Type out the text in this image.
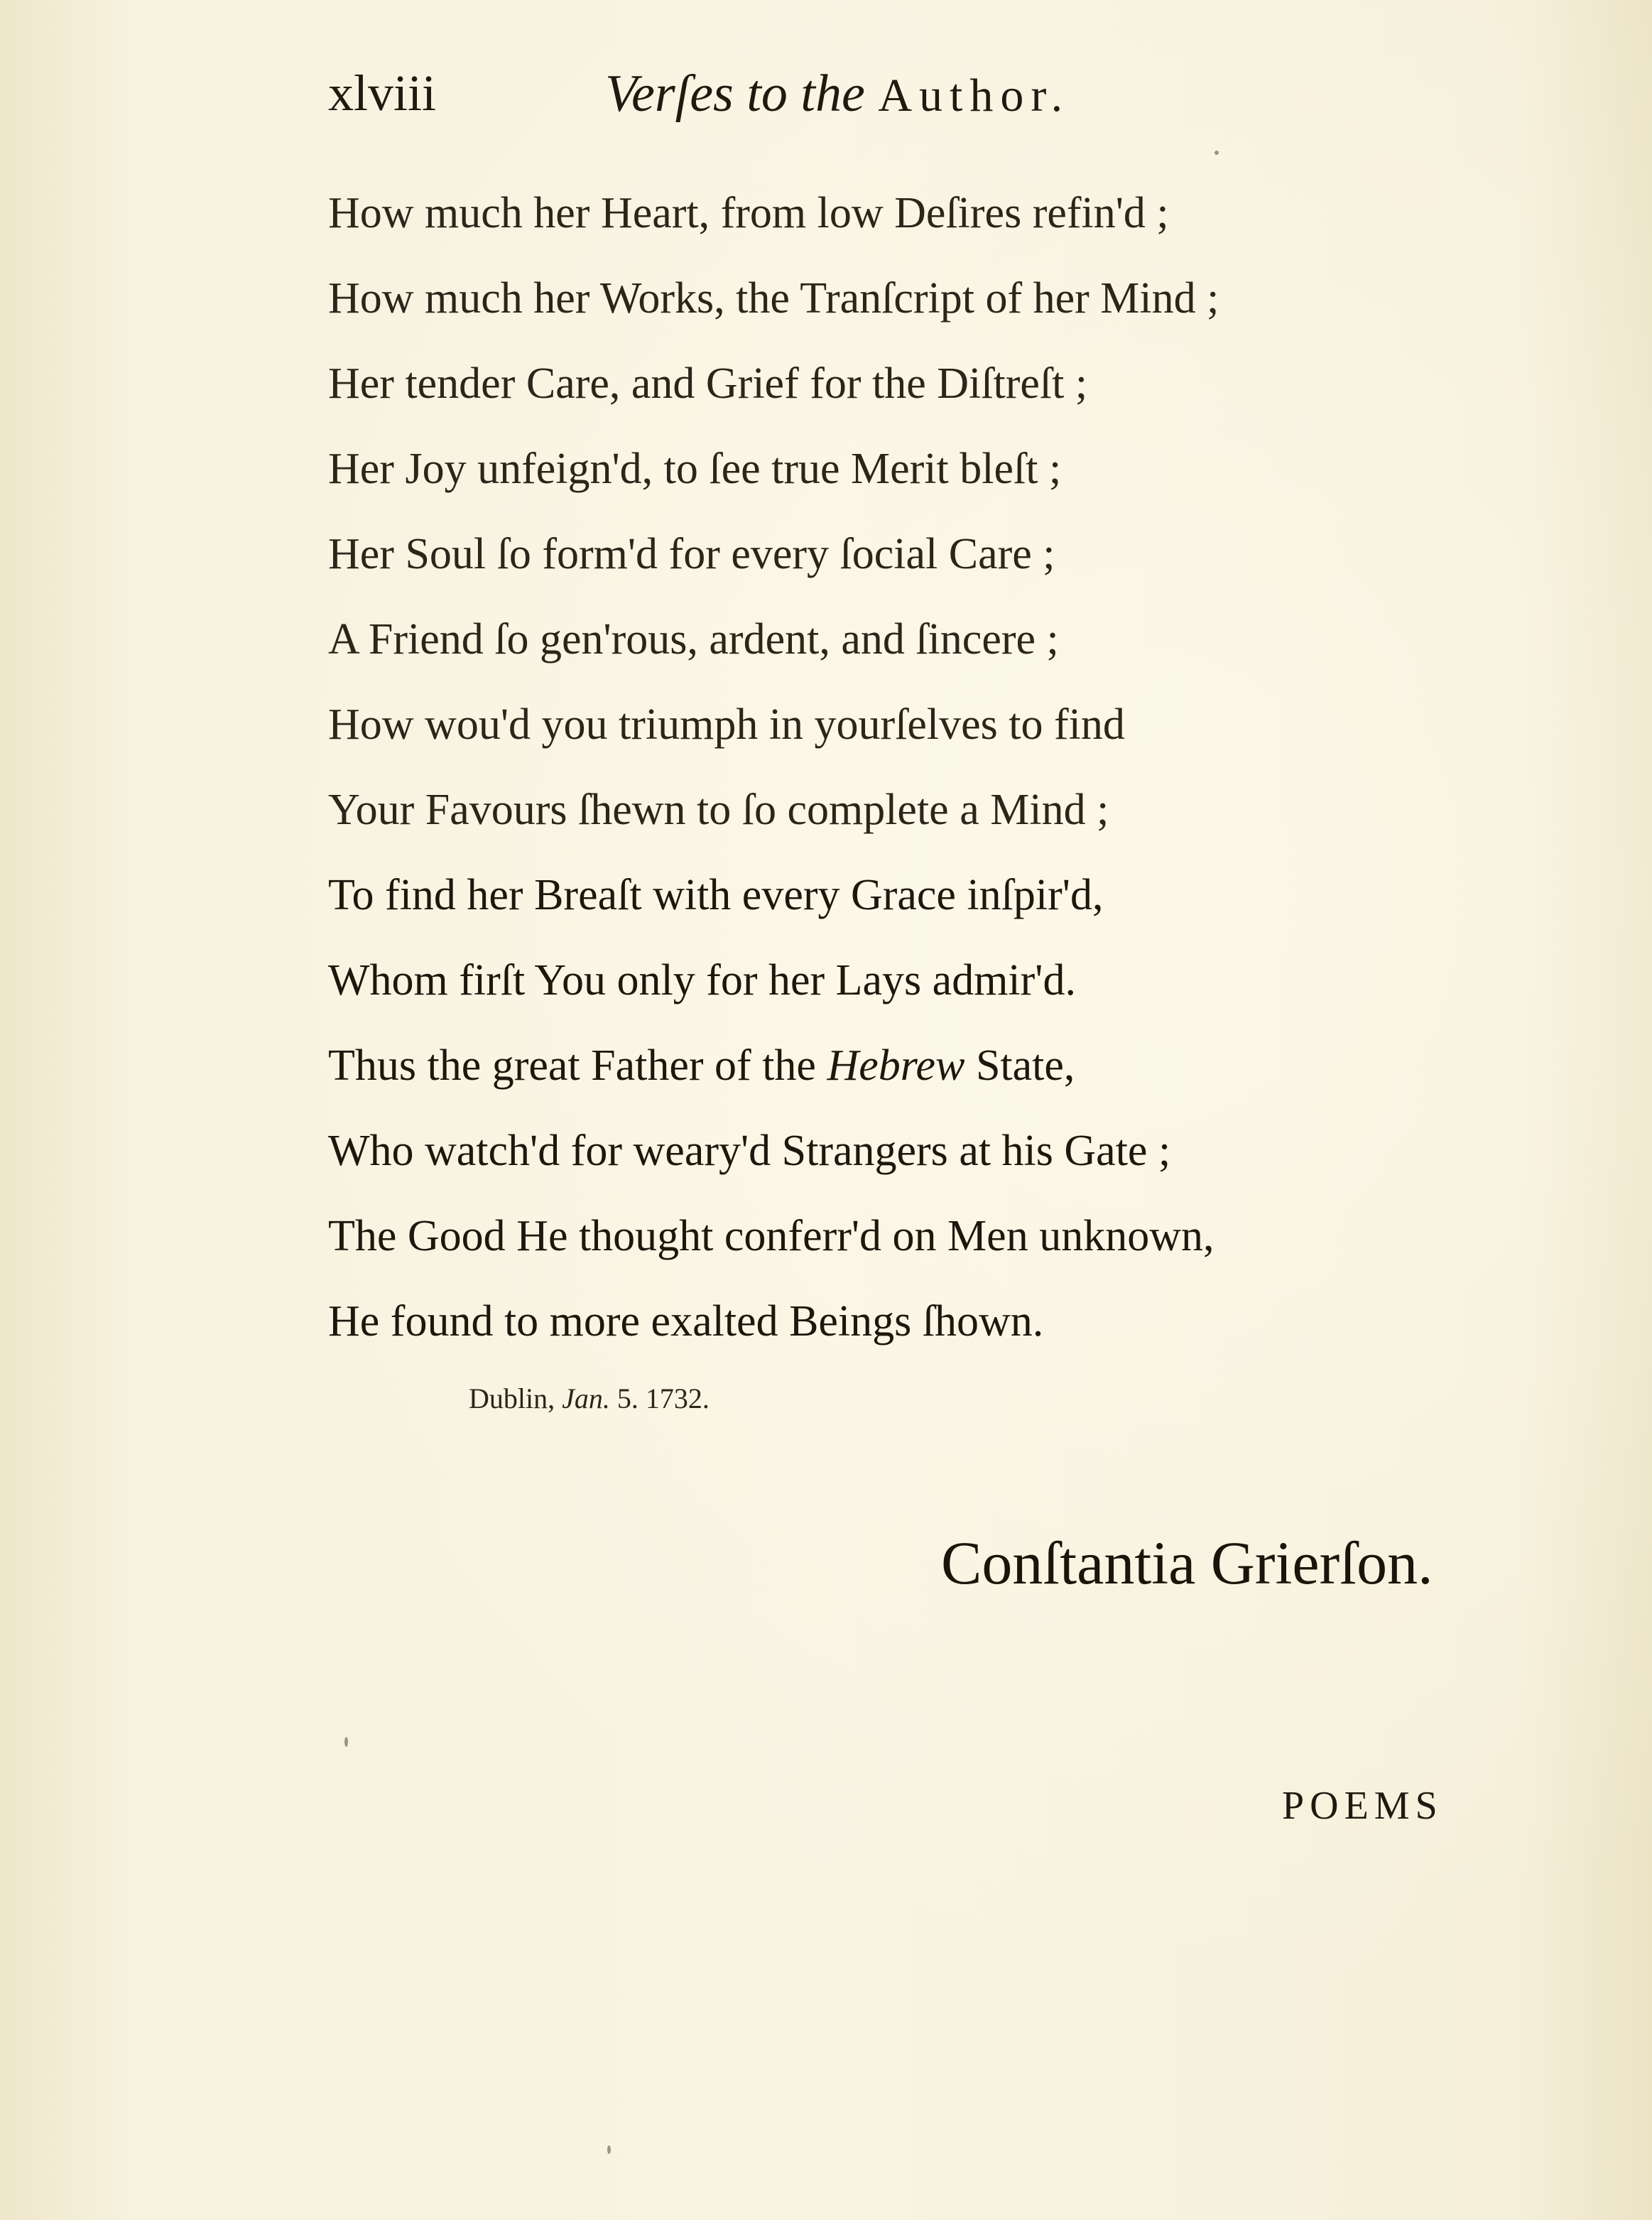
xlviii	Verſes to the Author.
How much her Heart, from low Deſires refin'd ;
How much her Works, the Tranſcript of her Mind ;
Her tender Care, and Grief for the Diſtreſt ;
Her Joy unfeign'd, to ſee true Merit bleſt ;
Her Soul ſo form'd for every ſocial Care ;
A Friend ſo gen'rous, ardent, and ſincere ;
How wou'd you triumph in yourſelves to find
Your Favours ſhewn to ſo complete a Mind ;
To find her Breaſt with every Grace inſpir'd,
Whom firſt You only for her Lays admir'd.
Thus the great Father of the Hebrew State,
Who watch'd for weary'd Strangers at his Gate ;
The Good He thought conferr'd on Men unknown,
He found to more exalted Beings ſhown.
Dublin, Jan. 5. 1732.
Conſtantia Grierſon.
POEMS
